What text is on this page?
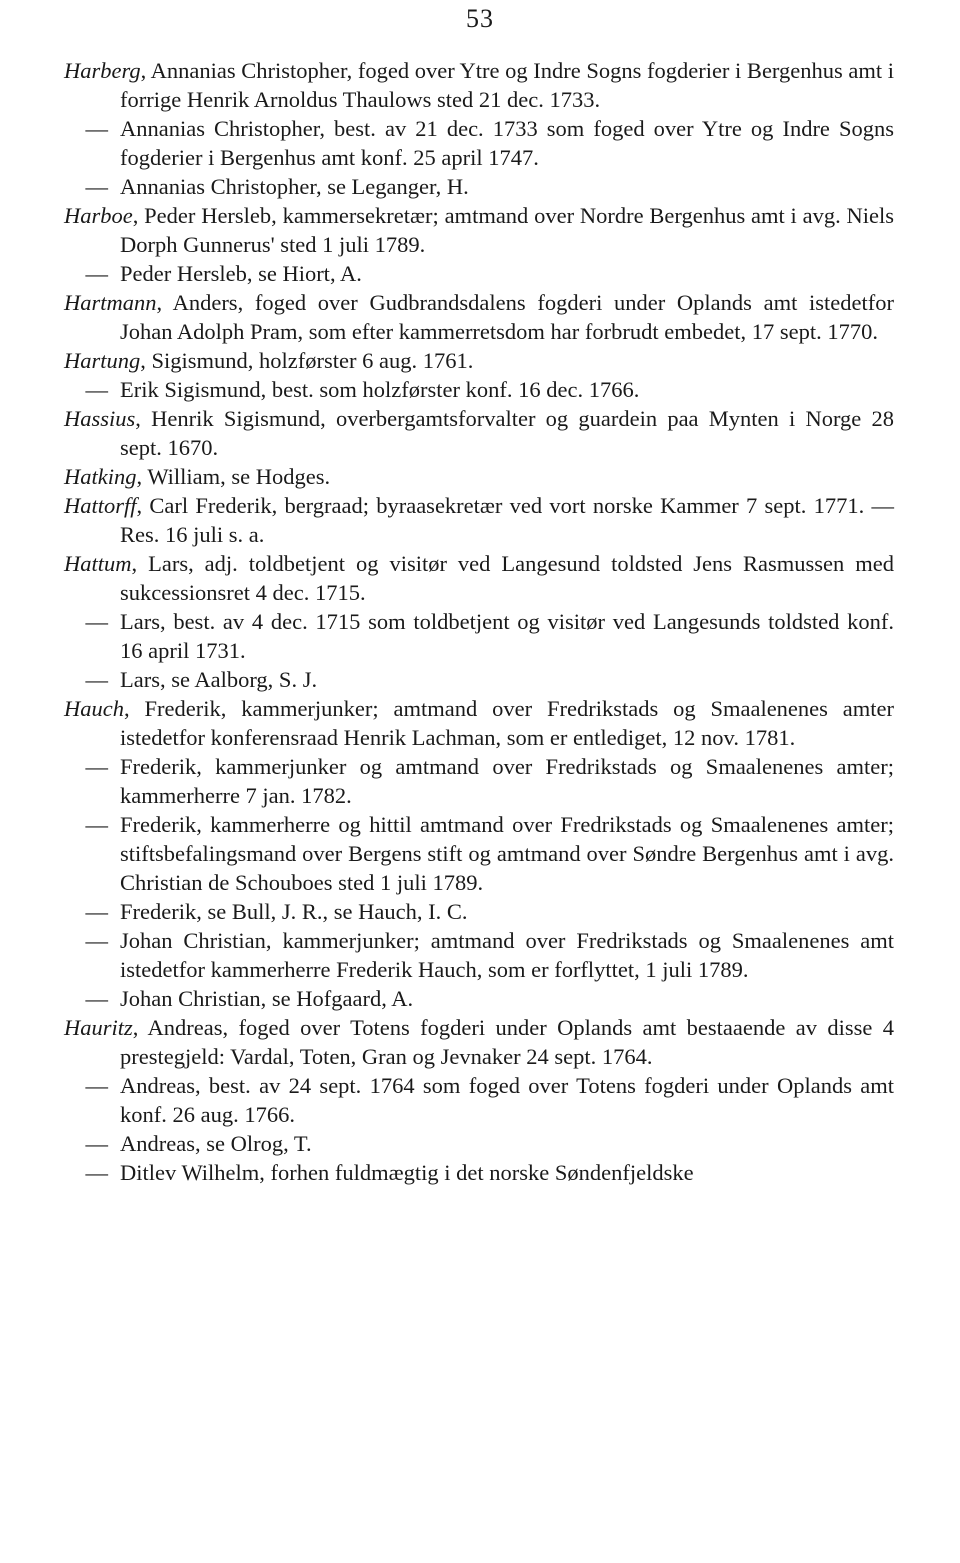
53

Harberg, Annanias Christopher, foged over Ytre og Indre Sogns fogderier i Bergenhus amt i forrige Henrik Arnoldus Thaulows sted 21 dec. 1733.

— Annanias Christopher, best. av 21 dec. 1733 som foged over Ytre og Indre Sogns fogderier i Bergenhus amt konf. 25 april 1747.

— Annanias Christopher, se Leganger, H.

Harboe, Peder Hersleb, kammersekretær; amtmand over Nordre Bergenhus amt i avg. Niels Dorph Gunnerus' sted 1 juli 1789.

— Peder Hersleb, se Hiort, A.

Hartmann, Anders, foged over Gudbrandsdalens fogderi under Oplands amt istedetfor Johan Adolph Pram, som efter kammerretsdom har forbrudt embedet, 17 sept. 1770.

Hartung, Sigismund, holzførster 6 aug. 1761.

— Erik Sigismund, best. som holzførster konf. 16 dec. 1766.

Hassius, Henrik Sigismund, overbergamtsforvalter og guardein paa Mynten i Norge 28 sept. 1670.

Hatking, William, se Hodges.

Hattorff, Carl Frederik, bergraad; byraasekretær ved vort norske Kammer 7 sept. 1771. — Res. 16 juli s. a.

Hattum, Lars, adj. toldbetjent og visitør ved Langesund toldsted Jens Rasmussen med sukcessionsret 4 dec. 1715.

— Lars, best. av 4 dec. 1715 som toldbetjent og visitør ved Langesunds toldsted konf. 16 april 1731.

— Lars, se Aalborg, S. J.

Hauch, Frederik, kammerjunker; amtmand over Fredrikstads og Smaalenenes amter istedetfor konferensraad Henrik Lachman, som er entlediget, 12 nov. 1781.

— Frederik, kammerjunker og amtmand over Fredrikstads og Smaalenenes amter; kammerherre 7 jan. 1782.

— Frederik, kammerherre og hittil amtmand over Fredrikstads og Smaalenenes amter; stiftsbefalingsmand over Bergens stift og amtmand over Søndre Bergenhus amt i avg. Christian de Schouboes sted 1 juli 1789.

— Frederik, se Bull, J. R., se Hauch, I. C.

— Johan Christian, kammerjunker; amtmand over Fredrikstads og Smaalenenes amt istedetfor kammerherre Frederik Hauch, som er forflyttet, 1 juli 1789.

— Johan Christian, se Hofgaard, A.

Hauritz, Andreas, foged over Totens fogderi under Oplands amt bestaaende av disse 4 prestegjeld: Vardal, Toten, Gran og Jevnaker 24 sept. 1764.

— Andreas, best. av 24 sept. 1764 som foged over Totens fogderi under Oplands amt konf. 26 aug. 1766.

— Andreas, se Olrog, T.

— Ditlev Wilhelm, forhen fuldmægtig i det norske Søndenfjeldske
